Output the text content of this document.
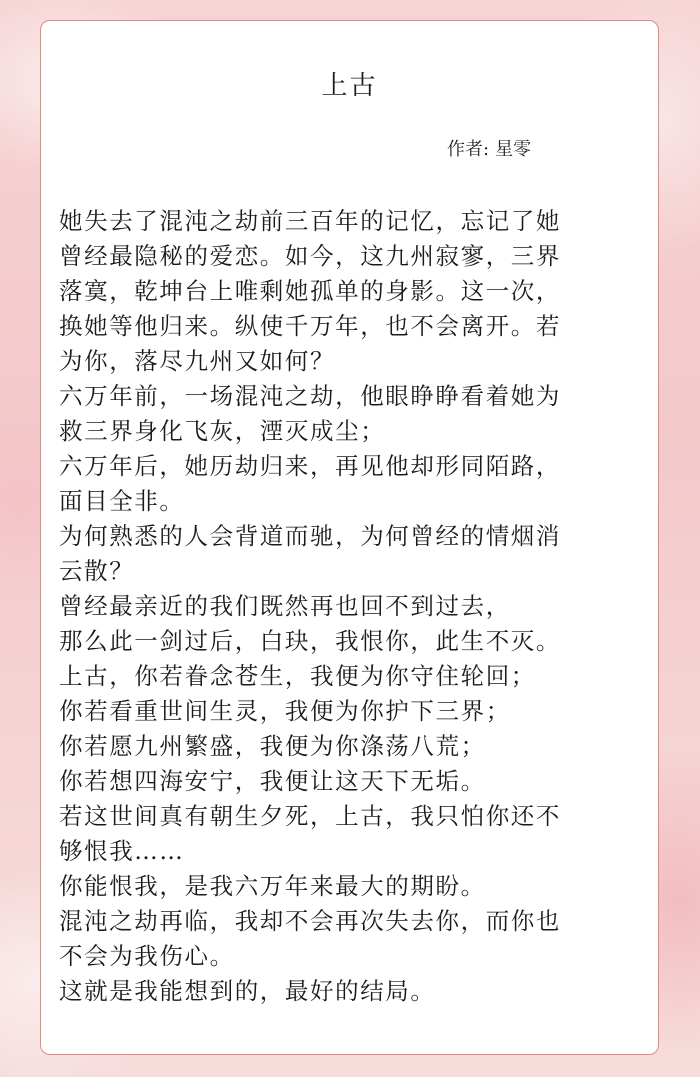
上古
作者: 星零
她失去了混沌之劫前三百年的记忆，忘记了她
曾经最隐秘的爱恋。如今，这九州寂寥，三界
落寞，乾坤台上唯剩她孤单的身影。这一次，
换她等他归来。纵使千万年，也不会离开。若
为你，落尽九州又如何？
六万年前，一场混沌之劫，他眼睁睁看着她为
救三界身化飞灰，湮灭成尘；
六万年后，她历劫归来，再见他却形同陌路，
面目全非。
为何熟悉的人会背道而驰，为何曾经的情烟消
云散？
曾经最亲近的我们既然再也回不到过去，
那么此一剑过后，白玦，我恨你，此生不灭。
上古，你若眷念苍生，我便为你守住轮回；
你若看重世间生灵，我便为你护下三界；
你若愿九州繁盛，我便为你涤荡八荒；
你若想四海安宁，我便让这天下无垢。
若这世间真有朝生夕死，上古，我只怕你还不
够恨我……
你能恨我，是我六万年来最大的期盼。
混沌之劫再临，我却不会再次失去你，而你也
不会为我伤心。
这就是我能想到的，最好的结局。
